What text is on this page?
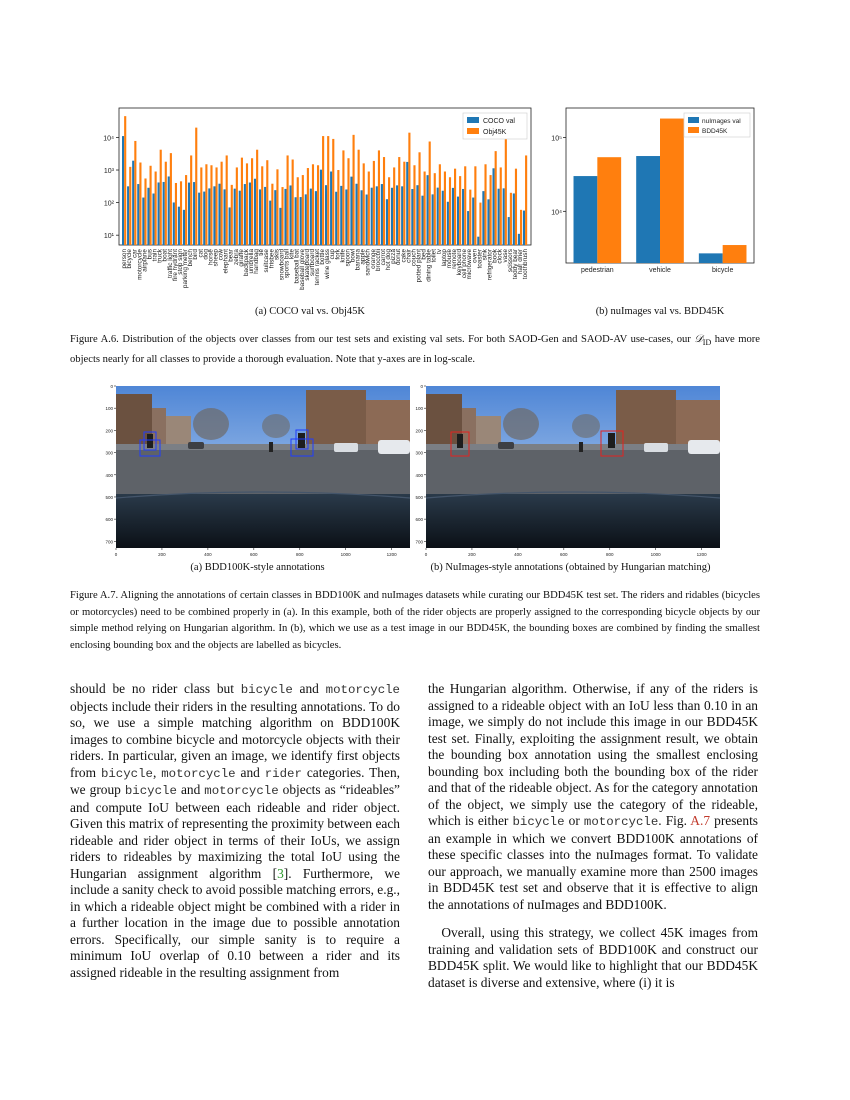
10¹
10²
10³
10⁴
person
bicycle
car
motorcycle
airplane
bus
train
truck
boat
traffic light
fire hydrant
stop sign
parking meter
bench
bird
cat
dog
horse
sheep
cow
elephant
bear
zebra
giraffe
backpack
umbrella
handbag
tie
suitcase
frisbee
skis
snowboard
sports ball
kite
baseball bat
baseball glove
skateboard
surfboard
tennis racket
bottle
wine glass
cup
fork
knife
spoon
bowl
banana
apple
sandwich
orange
broccoli
carrot
hot dog
pizza
donut
cake
chair
couch
potted plant
bed
dining table
toilet
tv
laptop
mouse
remote
keyboard
cell phone
microwave
oven
toaster
sink
refrigerator
book
clock
vase
scissors
teddy bear
hair drier
toothbrush
COCO val
Obj45K
10⁴
10⁵
pedestrian	vehicle	bicycle
nuImages val
BDD45K
(a) COCO val vs. Obj45K	(b) nuImages val vs. BDD45K
Figure A.6. Distribution of the objects over classes from our test sets and existing val sets. For both SAOD-Gen and SAOD-AV use-cases, our 𝒟$_{ID}$ have more objects nearly for all classes to provide a thorough evaluation. Note that y-axes are in log-scale.
0
100
200
300
400
500
600
700
0	200	400	600	800	1000	1200
0
100
200
300
400
500
600
700
0	200	400	600	800	1000	1200
(a) BDD100K-style annotations	(b) NuImages-style annotations (obtained by Hungarian matching)
Figure A.7. Aligning the annotations of certain classes in BDD100K and nuImages datasets while curating our BDD45K test set. The riders and ridables (bicycles or motorcycles) need to be combined properly in (a). In this example, both of the rider objects are properly assigned to the corresponding bicycle objects by our simple method relying on Hungarian algorithm. In (b), which we use as a test image in our BDD45K, the bounding boxes are combined by finding the smallest enclosing bounding box and the objects are labelled as bicycles.

should be no rider class but bicycle and motorcycle objects include their riders in the resulting annotations. To do so, we use a simple matching algorithm on BDD100K images to combine bicycle and motorcycle objects with their riders. In particular, given an image, we identify first objects from bicycle, motorcycle and rider categories. Then, we group bicycle and motorcycle objects as “rideables” and compute IoU between each rideable and rider object. Given this matrix of representing the proximity between each rideable and rider object in terms of their IoUs, we assign riders to rideables by maximizing the total IoU using the Hungarian assignment algorithm [3]. Furthermore, we include a sanity check to avoid possible matching errors, e.g., in which a rideable object might be combined with a rider in a further location in the image due to possible annotation errors. Specifically, our simple sanity is to require a minimum IoU overlap of 0.10 between a rider and its assigned rideable in the resulting assignment from

the Hungarian algorithm. Otherwise, if any of the riders is assigned to a rideable object with an IoU less than 0.10 in an image, we simply do not include this image in our BDD45K test set. Finally, exploiting the assignment result, we obtain the bounding box annotation using the smallest enclosing bounding box including both the bounding box of the rider and that of the rideable object. As for the category annotation of the object, we simply use the category of the rideable, which is either bicycle or motorcycle. Fig. A.7 presents an example in which we convert BDD100K annotations of these specific classes into the nuImages format. To validate our approach, we manually examine more than 2500 images in BDD45K test set and observe that it is effective to align the annotations of nuImages and BDD100K.

Overall, using this strategy, we collect 45K images from training and validation sets of BDD100K and construct our BDD45K split. We would like to highlight that our BDD45K dataset is diverse and extensive, where (i) it is
